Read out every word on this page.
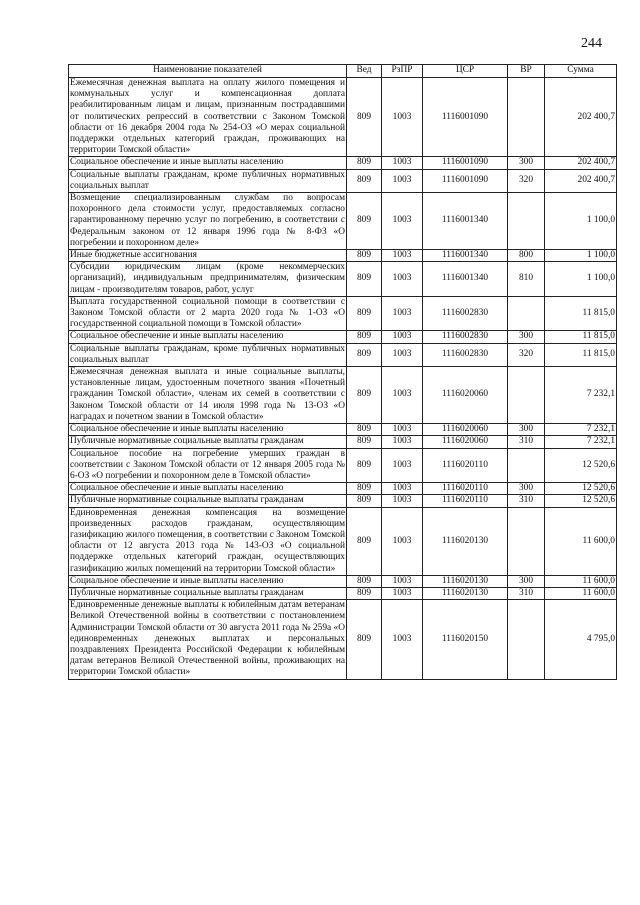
244
Наименование показателей	Вед	РзПР	ЦСР	ВР	Сумма
Ежемесячная денежная выплата на оплату жилого помещения и коммунальных услуг и компенсационная доплата реабилитированным лицам и лицам, признанным пострадавшими от политических репрессий в соответствии с Законом Томской области от 16 декабря 2004 года № 254-ОЗ «О мерах социальной поддержки отдельных категорий граждан, проживающих на территории Томской области»	809	1003	1116001090		202 400,7
Социальное обеспечение и иные выплаты населению	809	1003	1116001090	300	202 400,7
Социальные выплаты гражданам, кроме публичных нормативных социальных выплат	809	1003	1116001090	320	202 400,7
Возмещение специализированным службам по вопросам похоронного дела стоимости услуг, предоставляемых согласно гарантированному перечню услуг по погребению, в соответствии с Федеральным законом от 12 января 1996 года № 8-ФЗ «О погребении и похоронном деле»	809	1003	1116001340		1 100,0
Иные бюджетные ассигнования	809	1003	1116001340	800	1 100,0
Субсидии юридическим лицам (кроме некоммерческих организаций), индивидуальным предпринимателям, физическим лицам - производителям товаров, работ, услуг	809	1003	1116001340	810	1 100,0
Выплата государственной социальной помощи в соответствии с Законом Томской области от 2 марта 2020 года № 1-ОЗ «О государственной социальной помощи в Томской области»	809	1003	1116002830		11 815,0
Социальное обеспечение и иные выплаты населению	809	1003	1116002830	300	11 815,0
Социальные выплаты гражданам, кроме публичных нормативных социальных выплат	809	1003	1116002830	320	11 815,0
Ежемесячная денежная выплата и иные социальные выплаты, установленные лицам, удостоенным почетного звания «Почетный гражданин Томской области», членам их семей в соответствии с Законом Томской области от 14 июля 1998 года № 13-ОЗ «О наградах и почетном звании в Томской области»	809	1003	1116020060		7 232,1
Социальное обеспечение и иные выплаты населению	809	1003	1116020060	300	7 232,1
Публичные нормативные социальные выплаты гражданам	809	1003	1116020060	310	7 232,1
Социальное пособие на погребение умерших граждан в соответствии с Законом Томской области от 12 января 2005 года № 6-ОЗ «О погребении и похоронном деле в Томской области»	809	1003	1116020110		12 520,6
Социальное обеспечение и иные выплаты населению	809	1003	1116020110	300	12 520,6
Публичные нормативные социальные выплаты гражданам	809	1003	1116020110	310	12 520,6
Единовременная денежная компенсация на возмещение произведенных расходов гражданам, осуществляющим газификацию жилого помещения, в соответствии с Законом Томской области от 12 августа 2013 года № 143-ОЗ «О социальной поддержке отдельных категорий граждан, осуществляющих газификацию жилых помещений на территории Томской области»	809	1003	1116020130		11 600,0
Социальное обеспечение и иные выплаты населению	809	1003	1116020130	300	11 600,0
Публичные нормативные социальные выплаты гражданам	809	1003	1116020130	310	11 600,0
Единовременные денежные выплаты к юбилейным датам ветеранам Великой Отечественной войны в соответствии с постановлением Администрации Томской области от 30 августа 2011 года № 259а «О единовременных денежных выплатах и персональных поздравлениях Президента Российской Федерации к юбилейным датам ветеранов Великой Отечественной войны, проживающих на территории Томской области»	809	1003	1116020150		4 795,0
